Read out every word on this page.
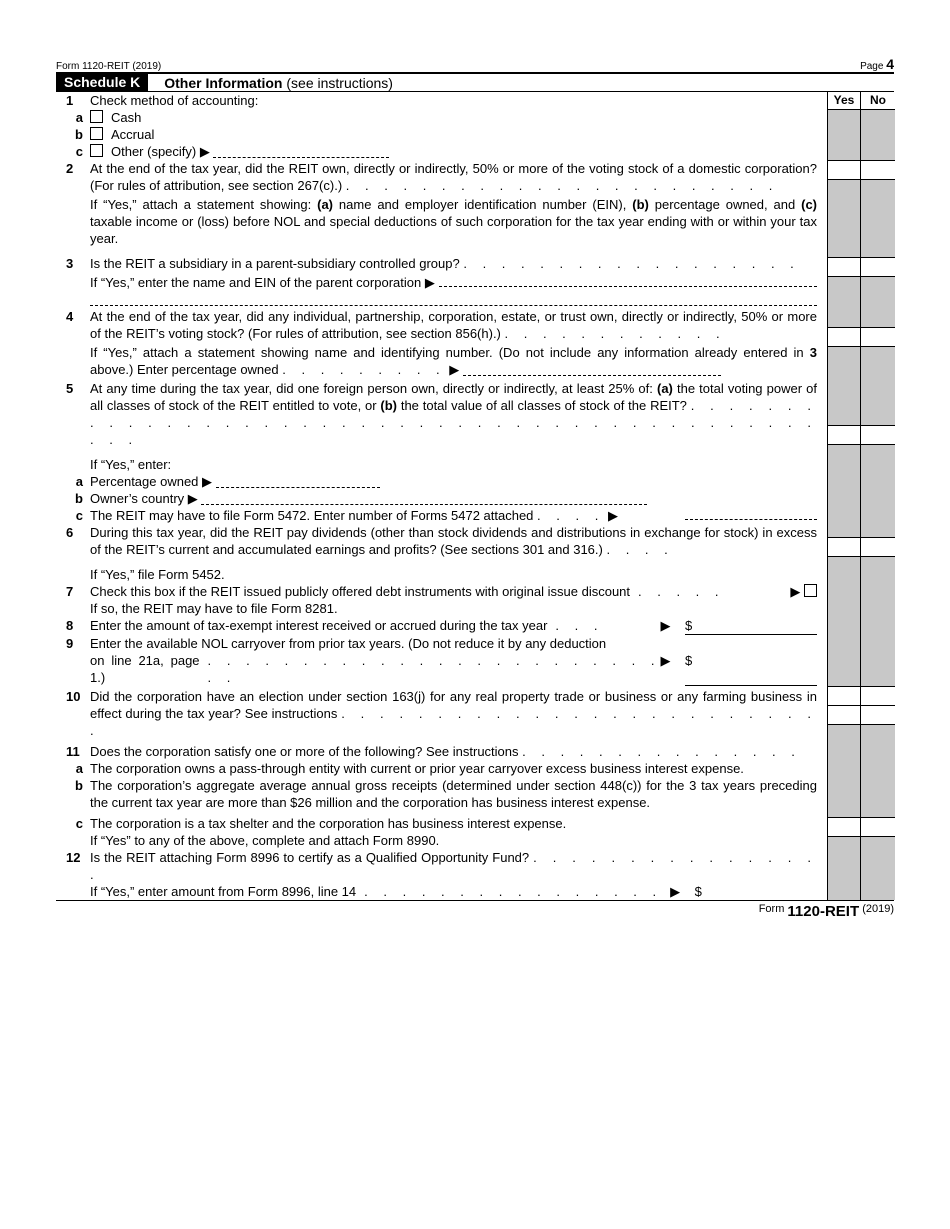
Form 1120-REIT (2019)	Page 4
Schedule K	Other Information (see instructions)
Yes	No
1	Check method of accounting:
a	Cash
b	Accrual
c	Other (specify) ▶
2	At the end of the tax year, did the REIT own, directly or indirectly, 50% or more of the voting stock of a domestic corporation? (For rules of attribution, see section 267(c).) . . . . . . . . . . . . . . . . . . . . . . .
If “Yes,” attach a statement showing: (a) name and employer identification number (EIN), (b) percentage owned, and (c) taxable income or (loss) before NOL and special deductions of such corporation for the tax year ending with or within your tax year.
3	Is the REIT a subsidiary in a parent-subsidiary controlled group? . . . . . . . . . . . . . . . . . .
If “Yes,” enter the name and EIN of the parent corporation ▶
4	At the end of the tax year, did any individual, partnership, corporation, estate, or trust own, directly or indirectly, 50% or more of the REIT’s voting stock? (For rules of attribution, see section 856(h).) . . . . . . . . . . . .
If “Yes,” attach a statement showing name and identifying number. (Do not include any information already entered in 3 above.) Enter percentage owned . . . . . . . . . ▶
5	At any time during the tax year, did one foreign person own, directly or indirectly, at least 25% of: (a) the total voting power of all classes of stock of the REIT entitled to vote, or (b) the total value of all classes of stock of the REIT? . . . . . . . . . . . . . . . . . . . . . . . . . . . . . . . . . . . . . . . . . . . . . . . .
If “Yes,” enter:
a Percentage owned ▶
b Owner’s country ▶
c The REIT may have to file Form 5472. Enter number of Forms 5472 attached . . . . ▶
6	During this tax year, did the REIT pay dividends (other than stock dividends and distributions in exchange for stock) in excess of the REIT’s current and accumulated earnings and profits? (See sections 301 and 316.) . . . .
If “Yes,” file Form 5452.
7	Check this box if the REIT issued publicly offered debt instruments with original issue discount . . . . .	▶
If so, the REIT may have to file Form 8281.
8	Enter the amount of tax-exempt interest received or accrued during the tax year . . .	▶ $
9	Enter the available NOL carryover from prior tax years. (Do not reduce it by any deduction
on line 21a, page 1.)
. . . . . . . . . . . . . . . . . . . . . . . . . .
▶ $
10 Did the corporation have an election under section 163(j) for any real property trade or business or any farming business in effect during the tax year? See instructions . . . . . . . . . . . . . . . . . . . . . . . . . .
11 Does the corporation satisfy one or more of the following? See instructions . . . . . . . . . . . . . . .
a The corporation owns a pass-through entity with current or prior year carryover excess business interest expense.
b The corporation’s aggregate average annual gross receipts (determined under section 448(c)) for the 3 tax years preceding the current tax year are more than $26 million and the corporation has business interest expense.
c The corporation is a tax shelter and the corporation has business interest expense.
If “Yes” to any of the above, complete and attach Form 8990.
12 Is the REIT attaching Form 8996 to certify as a Qualified Opportunity Fund? . . . . . . . . . . . . . . . .
If “Yes,” enter amount from Form 8996, line 14 . . . . . . . . . . . . . . . . ▶    $
Form
1120-REIT
(2019)
